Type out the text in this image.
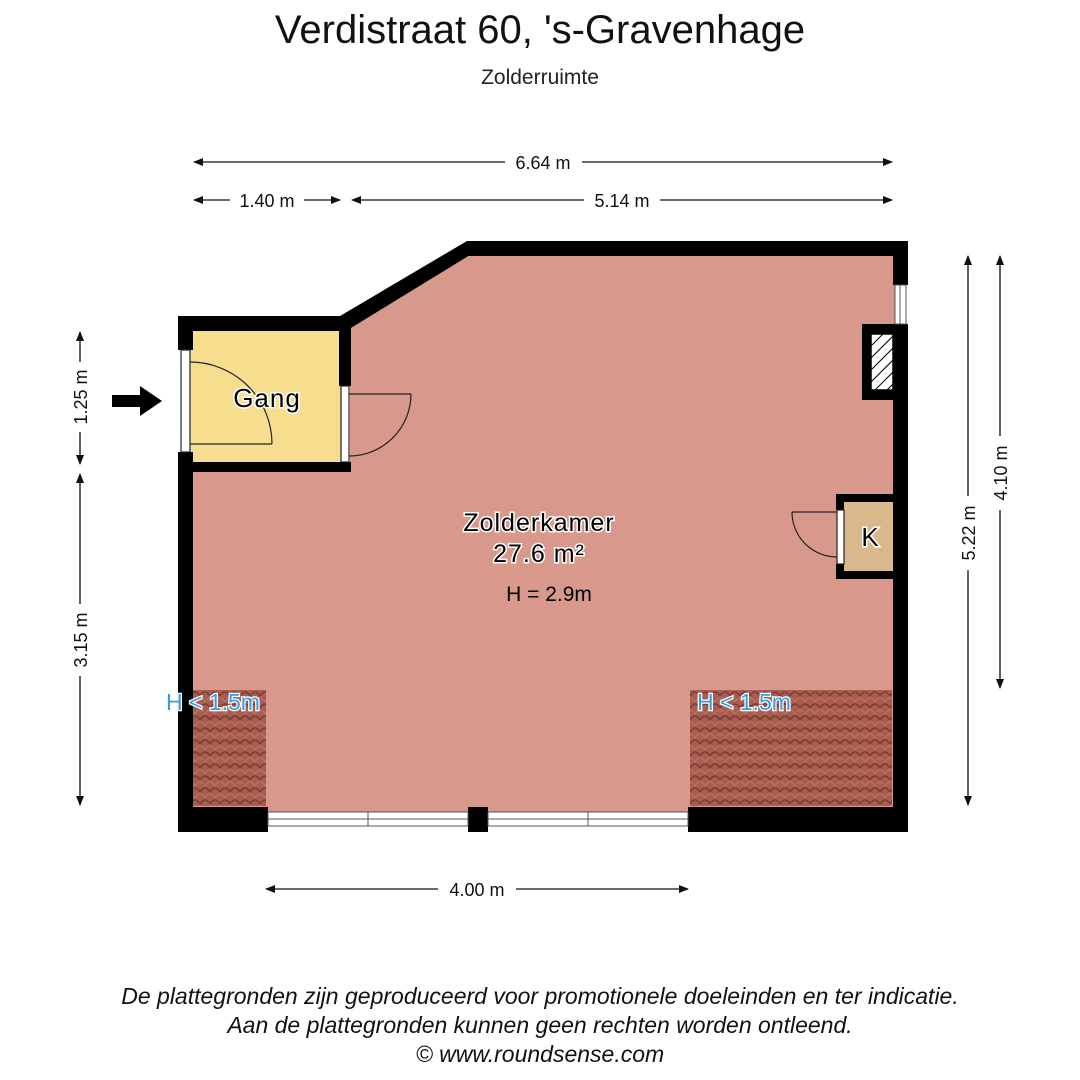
Verdistraat 60, 's-Gravenhage
Zolderruimte
6.64 m
1.40 m	5.14 m
4.00 m
1.25 m
3.15 m
5.22 m
4.10 m
Gang
Zolderkamer
27.6 m²
H = 2.9m
K
H < 1.5m	H < 1.5m
De plattegronden zijn geproduceerd voor promotionele doeleinden en ter indicatie.
Aan de plattegronden kunnen geen rechten worden ontleend.
© www.roundsense.com
